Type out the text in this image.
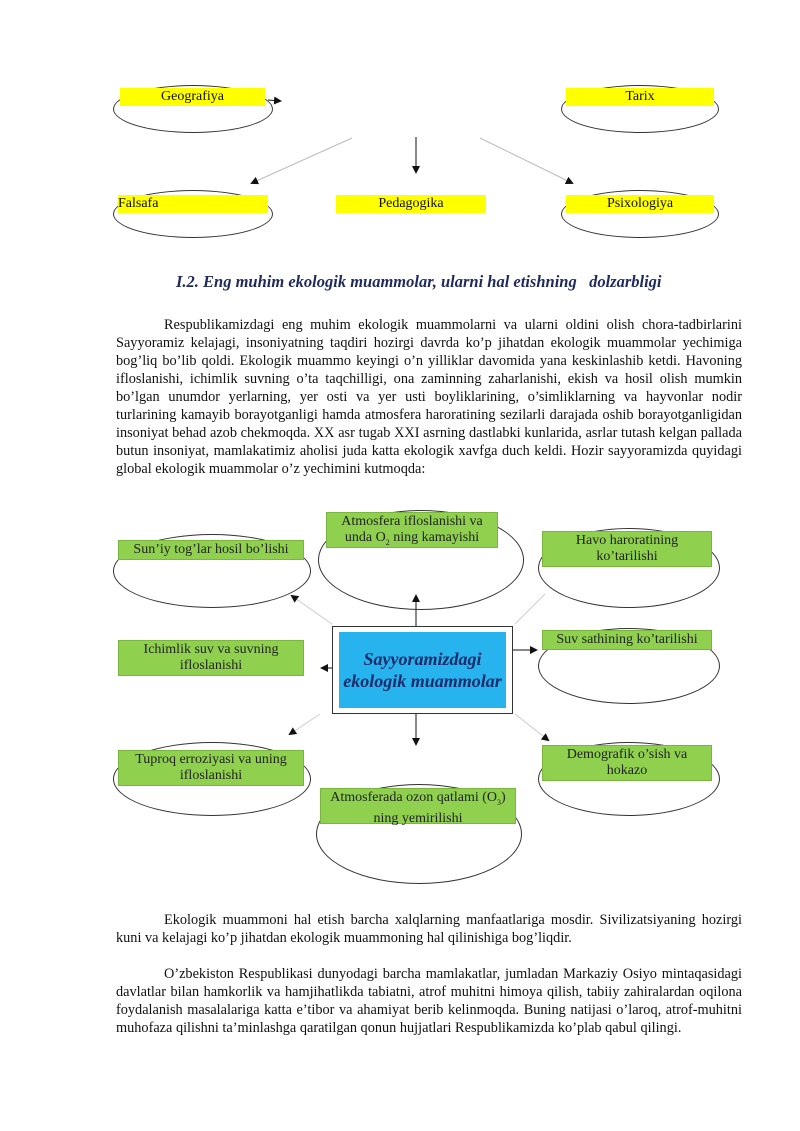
Geografiya	Tarix
Falsafa	Pedagogika	Psixologiya
I.2. Eng muhim ekologik muammolar, ularni hal etishning   dolzarbligi

Respublikamizdagi eng muhim ekologik muammolarni va ularni oldini olish chora-tadbirlarini Sayyoramiz kelajagi, insoniyatning taqdiri hozirgi davrda ko’p jihatdan ekologik muammolar yechimiga bog’liq bo’lib qoldi. Ekologik muammo keyingi o’n yilliklar davomida yana keskinlashib ketdi. Havoning ifloslanishi, ichimlik suvning o’ta taqchilligi, ona zaminning zaharlanishi, ekish va hosil olish mumkin bo’lgan unumdor yerlarning, yer osti va yer usti boyliklarining, o’simliklarning va hayvonlar nodir turlarining kamayib borayotganligi hamda atmosfera haroratining sezilarli darajada oshib borayotganligidan insoniyat behad azob chekmoqda. XX asr tugab XXI asrning dastlabki kunlarida, asrlar tutash kelgan pallada butun insoniyat, mamlakatimiz aholisi juda katta ekologik xavfga duch keldi. Hozir sayyoramizda quyidagi global ekologik muammolar o’z yechimini kutmoqda:

Sun’iy tog’lar hosil bo’lishi
Atmosfera ifloslanishi va unda $O_2$ ning kamayishi	Havo haroratining ko’tarilishi
Ichimlik suv va suvning ifloslanishi
Suv sathining ko’tarilishi
Tuproq erroziyasi va uning ifloslanishi
Demografik o’sish va hokazo
Atmosferada ozon qatlami $(O_3)$ ning yemirilishi
Sayyoramizdagi ekologik muammolar

Ekologik muammoni hal etish barcha xalqlarning manfaatlariga mosdir. Sivilizatsiyaning hozirgi kuni va kelajagi ko’p jihatdan ekologik muammoning hal qilinishiga bog’liqdir.

O’zbekiston Respublikasi dunyodagi barcha mamlakatlar, jumladan Markaziy Osiyo mintaqasidagi davlatlar bilan hamkorlik va hamjihatlikda tabiatni, atrof muhitni himoya qilish, tabiiy zahiralardan oqilona foydalanish masalalariga katta e’tibor va ahamiyat berib kelinmoqda. Buning natijasi o’laroq, atrof-muhitni muhofaza qilishni ta’minlashga qaratilgan qonun hujjatlari Respublikamizda ko’plab qabul qilingi.
